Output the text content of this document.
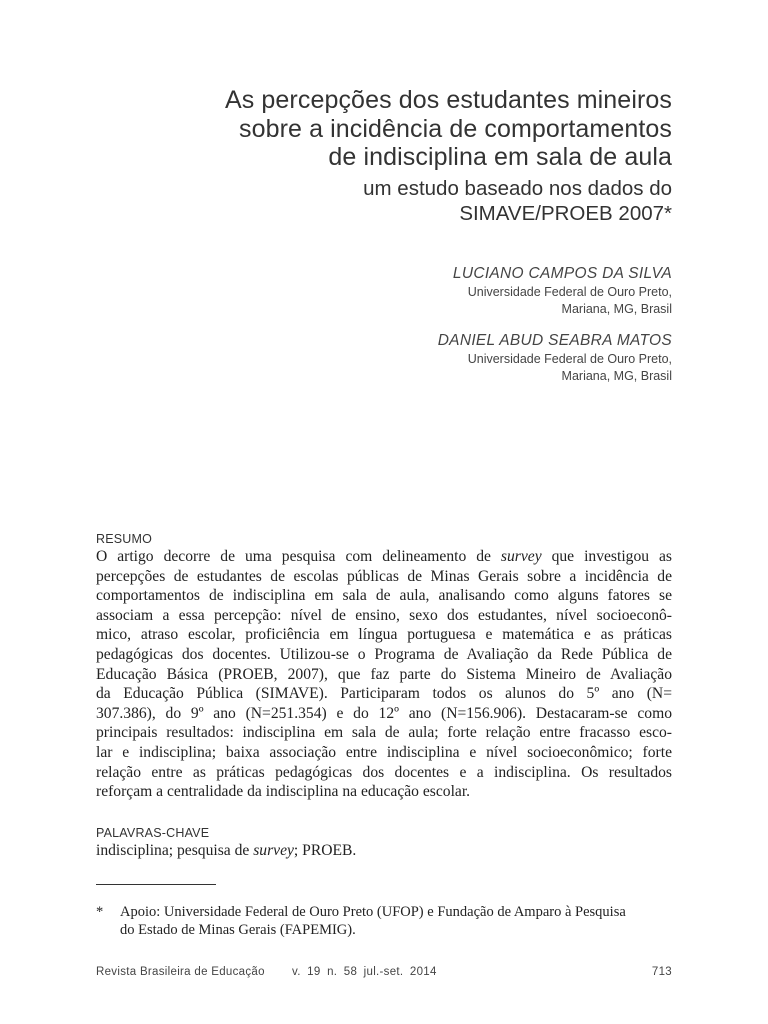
As percepções dos estudantes mineiros
sobre a incidência de comportamentos
de indisciplina em sala de aula
um estudo baseado nos dados do
SIMAVE/PROEB 2007*
LUCIANO CAMPOS DA SILVA
Universidade Federal de Ouro Preto,
Mariana, MG, Brasil
DANIEL ABUD SEABRA MATOS
Universidade Federal de Ouro Preto,
Mariana, MG, Brasil
RESUMO
O artigo decorre de uma pesquisa com delineamento de survey que investigou as
percepções de estudantes de escolas públicas de Minas Gerais sobre a incidência de
comportamentos de indisciplina em sala de aula, analisando como alguns fatores se
associam a essa percepção: nível de ensino, sexo dos estudantes, nível socioeconô-
mico, atraso escolar, proficiência em língua portuguesa e matemática e as práticas
pedagógicas dos docentes. Utilizou-se o Programa de Avaliação da Rede Pública de
Educação Básica (PROEB, 2007), que faz parte do Sistema Mineiro de Avaliação
da Educação Pública (SIMAVE). Participaram todos os alunos do 5º ano (N=
307.386), do 9º ano (N=251.354) e do 12º ano (N=156.906). Destacaram-se como
principais resultados: indisciplina em sala de aula; forte relação entre fracasso esco-
lar e indisciplina; baixa associação entre indisciplina e nível socioeconômico; forte
relação entre as práticas pedagógicas dos docentes e a indisciplina. Os resultados
reforçam a centralidade da indisciplina na educação escolar.
PALAVRAS-CHAVE
indisciplina; pesquisa de survey; PROEB.
* Apoio: Universidade Federal de Ouro Preto (UFOP) e Fundação de Amparo à Pesquisa
do Estado de Minas Gerais (FAPEMIG).
Revista Brasileira de Educação v. 19 n. 58 jul.-set. 2014	713
